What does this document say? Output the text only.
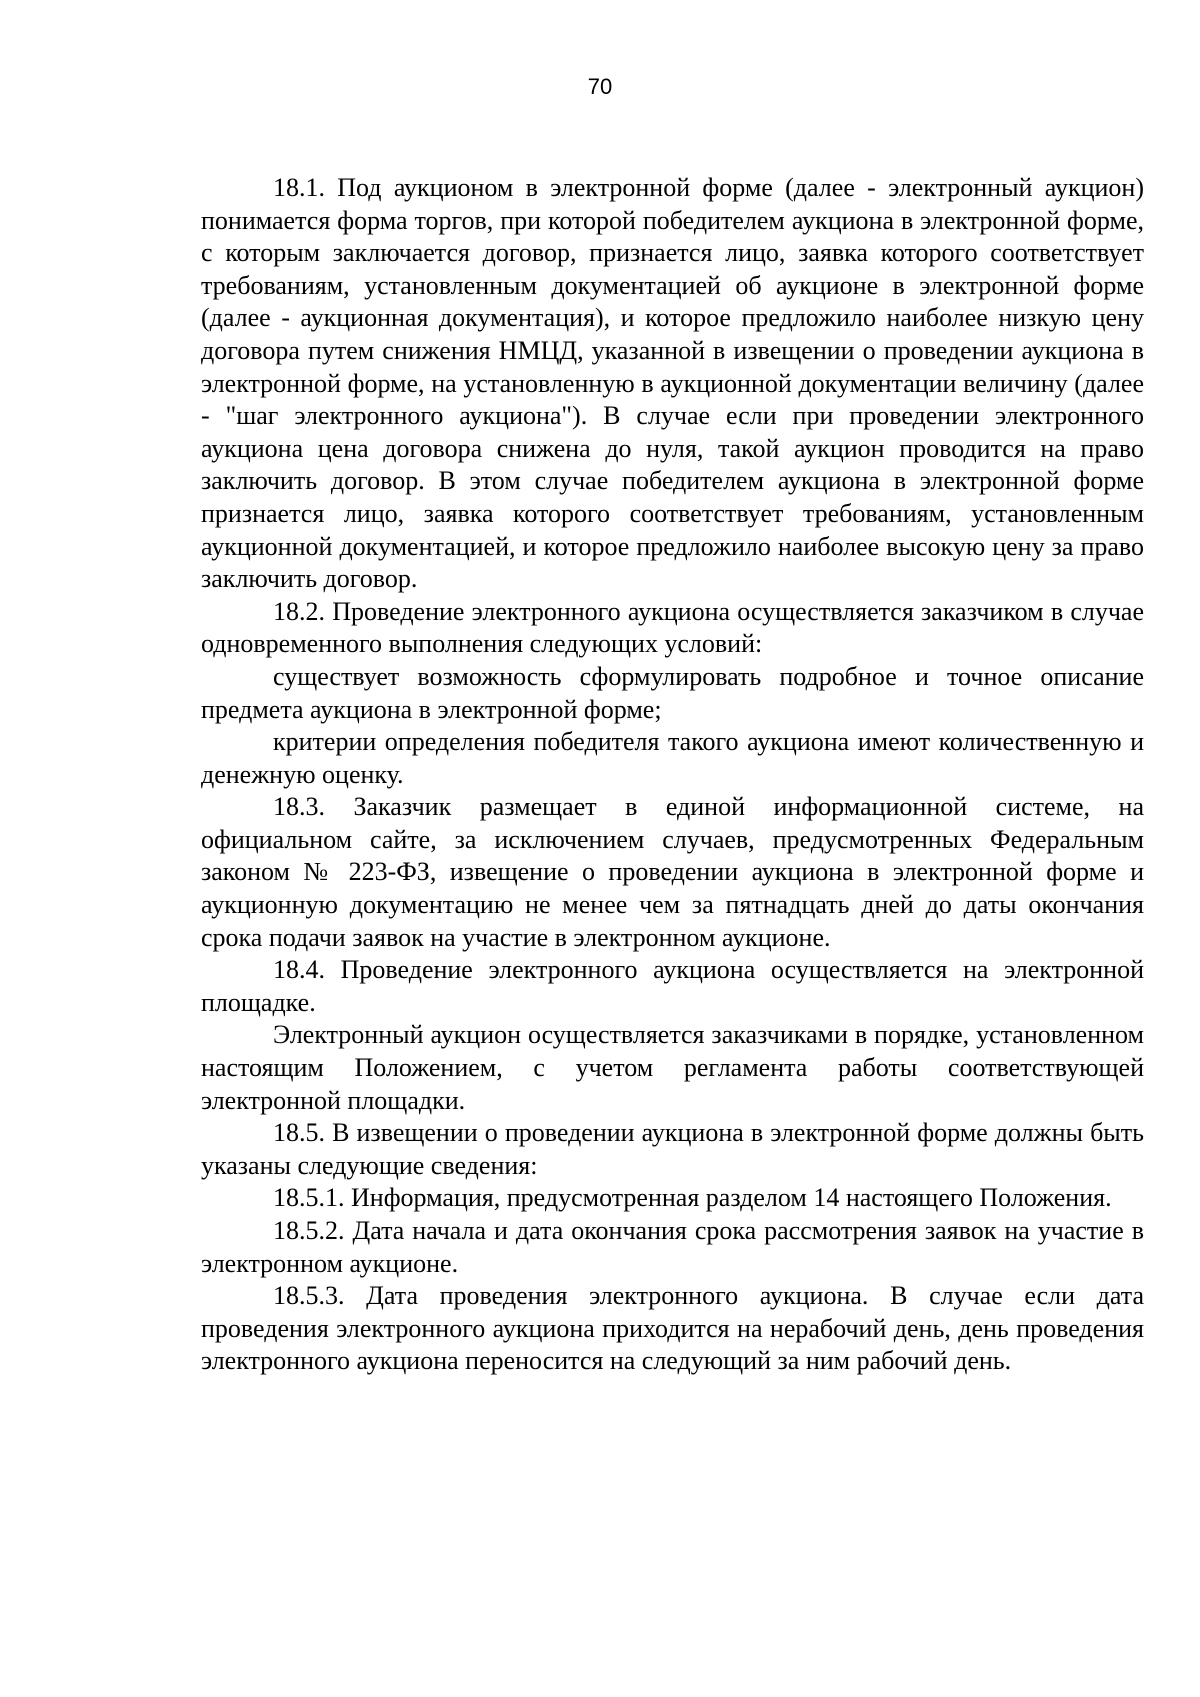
70

18.1. Под аукционом в электронной форме (далее - электронный аукцион) понимается форма торгов, при которой победителем аукциона в электронной форме, с которым заключается договор, признается лицо, заявка которого соответствует требованиям, установленным документацией об аукционе в электронной форме (далее - аукционная документация), и которое предложило наиболее низкую цену договора путем снижения НМЦД, указанной в извещении о проведении аукциона в электронной форме, на установленную в аукционной документации величину (далее - "шаг электронного аукциона"). В случае если при проведении электронного аукциона цена договора снижена до нуля, такой аукцион проводится на право заключить договор. В этом случае победителем аукциона в электронной форме признается лицо, заявка которого соответствует требованиям, установленным аукционной документацией, и которое предложило наиболее высокую цену за право заключить договор.

18.2. Проведение электронного аукциона осуществляется заказчиком в случае одновременного выполнения следующих условий:

существует возможность сформулировать подробное и точное описание предмета аукциона в электронной форме;

критерии определения победителя такого аукциона имеют количественную и денежную оценку.

18.3. Заказчик размещает в единой информационной системе, на официальном сайте, за исключением случаев, предусмотренных Федеральным законом № 223-ФЗ, извещение о проведении аукциона в электронной форме и аукционную документацию не менее чем за пятнадцать дней до даты окончания срока подачи заявок на участие в электронном аукционе.

18.4. Проведение электронного аукциона осуществляется на электронной площадке.

Электронный аукцион осуществляется заказчиками в порядке, установленном настоящим Положением, с учетом регламента работы соответствующей электронной площадки.

18.5. В извещении о проведении аукциона в электронной форме должны быть указаны следующие сведения:

18.5.1. Информация, предусмотренная разделом 14 настоящего Положения.

18.5.2. Дата начала и дата окончания срока рассмотрения заявок на участие в электронном аукционе.

18.5.3. Дата проведения электронного аукциона. В случае если дата проведения электронного аукциона приходится на нерабочий день, день проведения электронного аукциона переносится на следующий за ним рабочий день.
